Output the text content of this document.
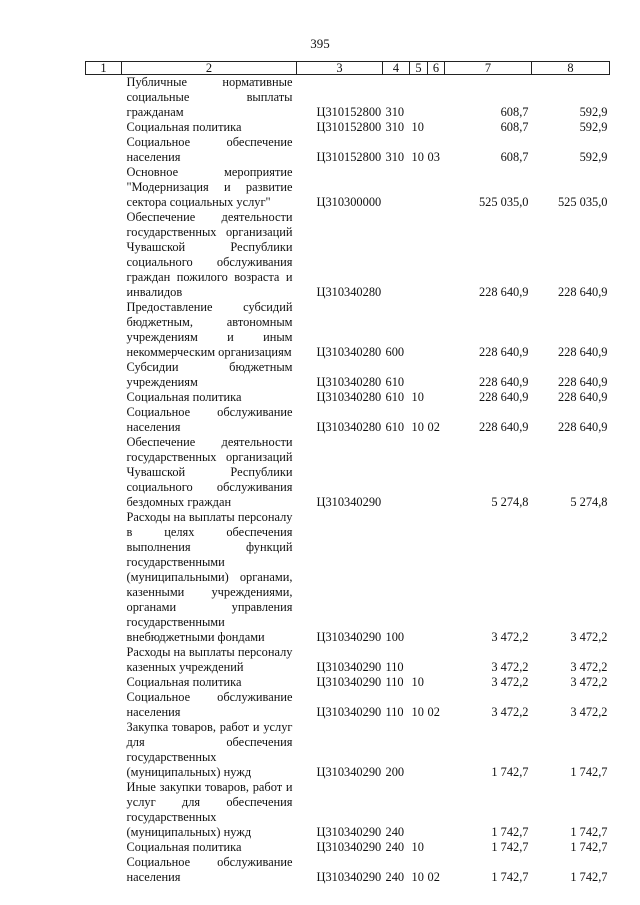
395
1	2	3	4	5	6	7	8
	Публичные нормативные социальные выплаты гражданам	Ц310152800	310			608,7	592,9
	Социальная политика	Ц310152800	310	10		608,7	592,9
	Социальное обеспечение населения	Ц310152800	310	10	03	608,7	592,9
	Основное мероприятие "Модернизация и развитие сектора социальных услуг"	Ц310300000				525 035,0	525 035,0
	Обеспечение деятельности государственных организаций Чувашской Республики социального обслуживания граждан пожилого возраста и инвалидов	Ц310340280				228 640,9	228 640,9
	Предоставление субсидий бюджетным, автономным учреждениям и иным некоммерческим организациям	Ц310340280	600			228 640,9	228 640,9
	Субсидии бюджетным учреждениям	Ц310340280	610			228 640,9	228 640,9
	Социальная политика	Ц310340280	610	10		228 640,9	228 640,9
	Социальное обслуживание населения	Ц310340280	610	10	02	228 640,9	228 640,9
	Обеспечение деятельности государственных организаций Чувашской Республики социального обслуживания бездомных граждан	Ц310340290				5 274,8	5 274,8
	Расходы на выплаты персоналу в целях обеспечения выполнения функций государственными (муниципальными) органами, казенными учреждениями, органами управления государственными внебюджетными фондами	Ц310340290	100			3 472,2	3 472,2
	Расходы на выплаты персоналу казенных учреждений	Ц310340290	110			3 472,2	3 472,2
	Социальная политика	Ц310340290	110	10		3 472,2	3 472,2
	Социальное обслуживание населения	Ц310340290	110	10	02	3 472,2	3 472,2
	Закупка товаров, работ и услуг для обеспечения государственных (муниципальных) нужд	Ц310340290	200			1 742,7	1 742,7
	Иные закупки товаров, работ и услуг для обеспечения государственных (муниципальных) нужд	Ц310340290	240			1 742,7	1 742,7
	Социальная политика	Ц310340290	240	10		1 742,7	1 742,7
	Социальное обслуживание населения	Ц310340290	240	10	02	1 742,7	1 742,7
